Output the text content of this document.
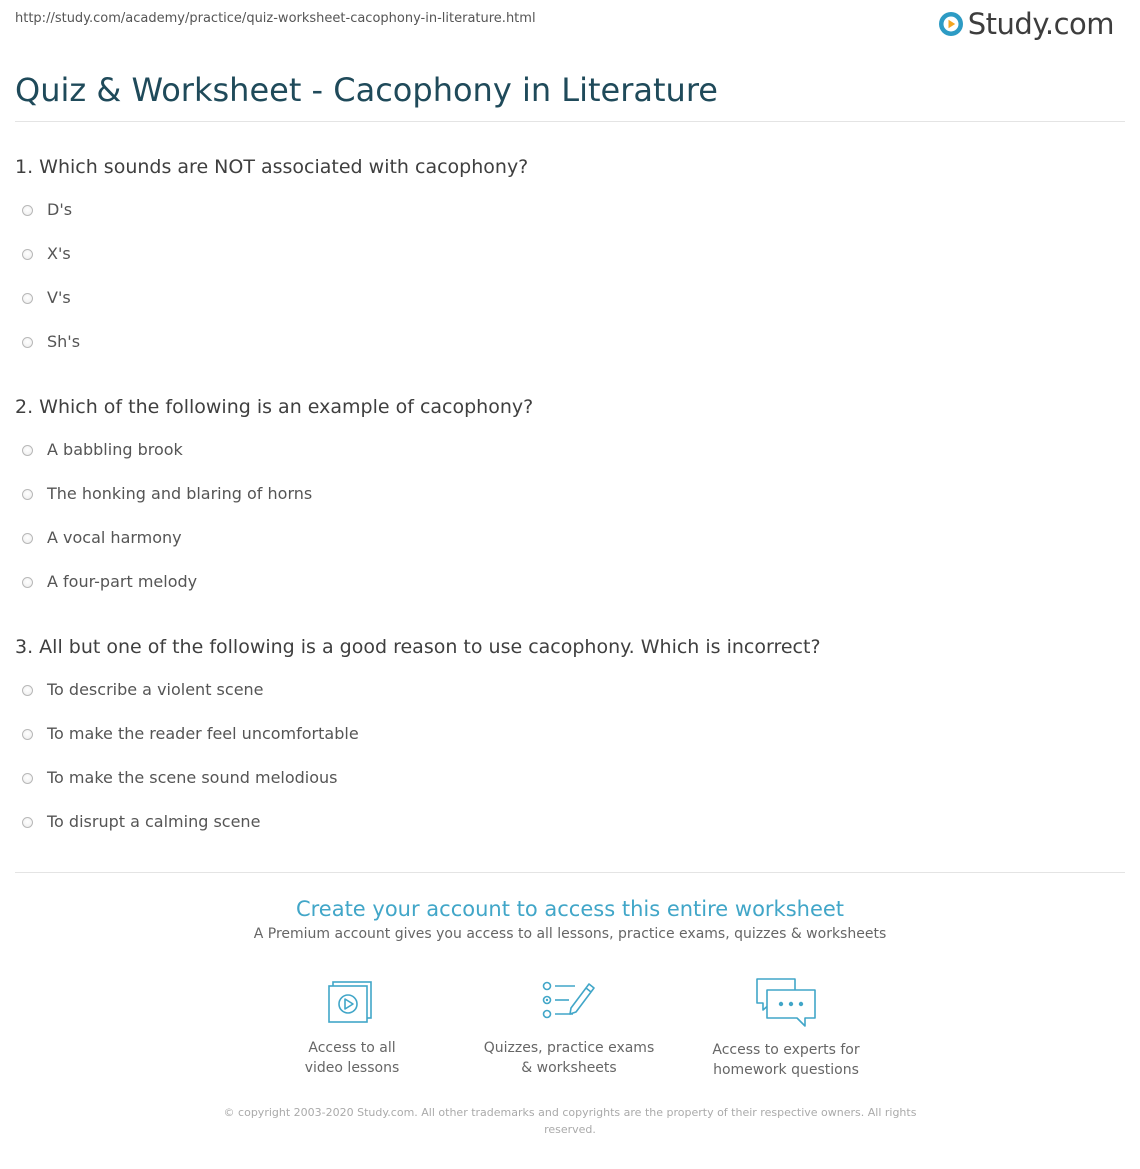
http://study.com/academy/practice/quiz-worksheet-cacophony-in-literature.html	Study.com
Quiz & Worksheet - Cacophony in Literature
1. Which sounds are NOT associated with cacophony?
D's
X's
V's
Sh's
2. Which of the following is an example of cacophony?
A babbling brook
The honking and blaring of horns
A vocal harmony
A four-part melody
3. All but one of the following is a good reason to use cacophony. Which is incorrect?
To describe a violent scene
To make the reader feel uncomfortable
To make the scene sound melodious
To disrupt a calming scene
Create your account to access this entire worksheet
A Premium account gives you access to all lessons, practice exams, quizzes & worksheets
Access to all
video lessons
Quizzes, practice exams
& worksheets
Access to experts for
homework questions
© copyright 2003-2020 Study.com. All other trademarks and copyrights are the property of their respective owners. All rights
reserved.
